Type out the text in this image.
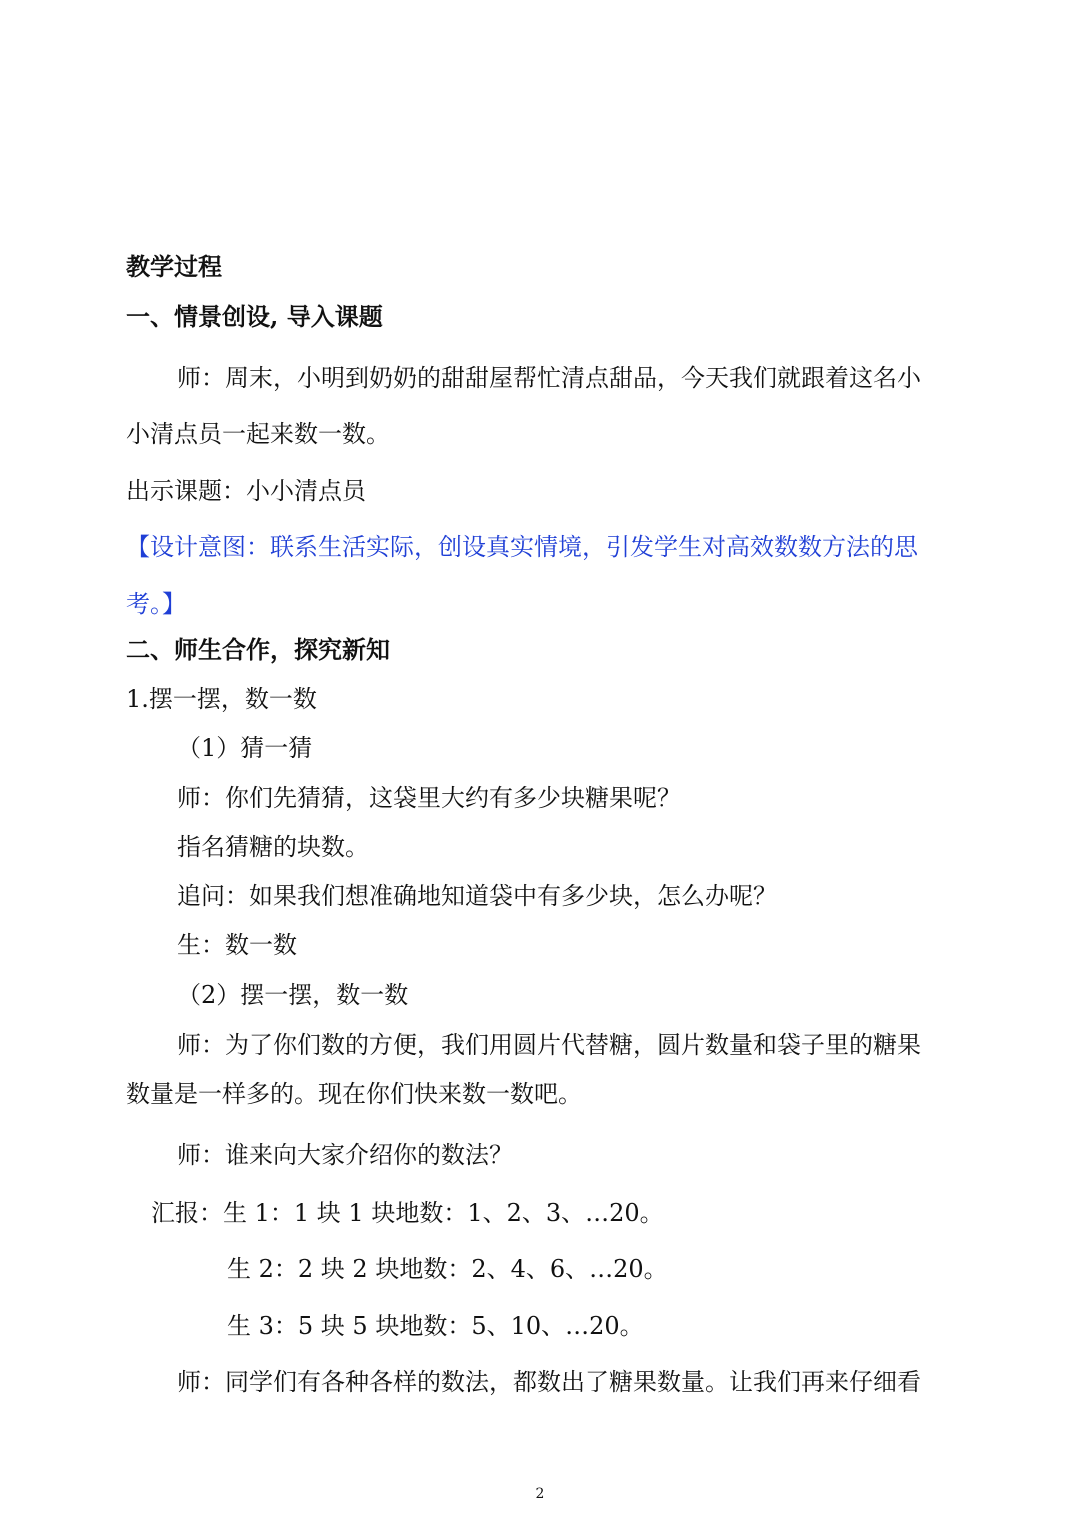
教学过程
一、情景创设, 导入课题
师：周末，小明到奶奶的甜甜屋帮忙清点甜品，今天我们就跟着这名小
小清点员一起来数一数。
出示课题：小小清点员
【设计意图：联系生活实际，创设真实情境，引发学生对高效数数方法的思
考。】
二、师生合作，探究新知
1.摆一摆，数一数
（1）猜一猜
师：你们先猜猜，这袋里大约有多少块糖果呢？
指名猜糖的块数。
追问：如果我们想准确地知道袋中有多少块，怎么办呢？
生：数一数
（2）摆一摆，数一数
师：为了你们数的方便，我们用圆片代替糖，圆片数量和袋子里的糖果
数量是一样多的。现在你们快来数一数吧。
师：谁来向大家介绍你的数法？
汇报：生 1：1 块 1 块地数：1、2、3、…20。
生 2：2 块 2 块地数：2、4、6、…20。
生 3：5 块 5 块地数：5、10、…20。
师：同学们有各种各样的数法，都数出了糖果数量。让我们再来仔细看
2
